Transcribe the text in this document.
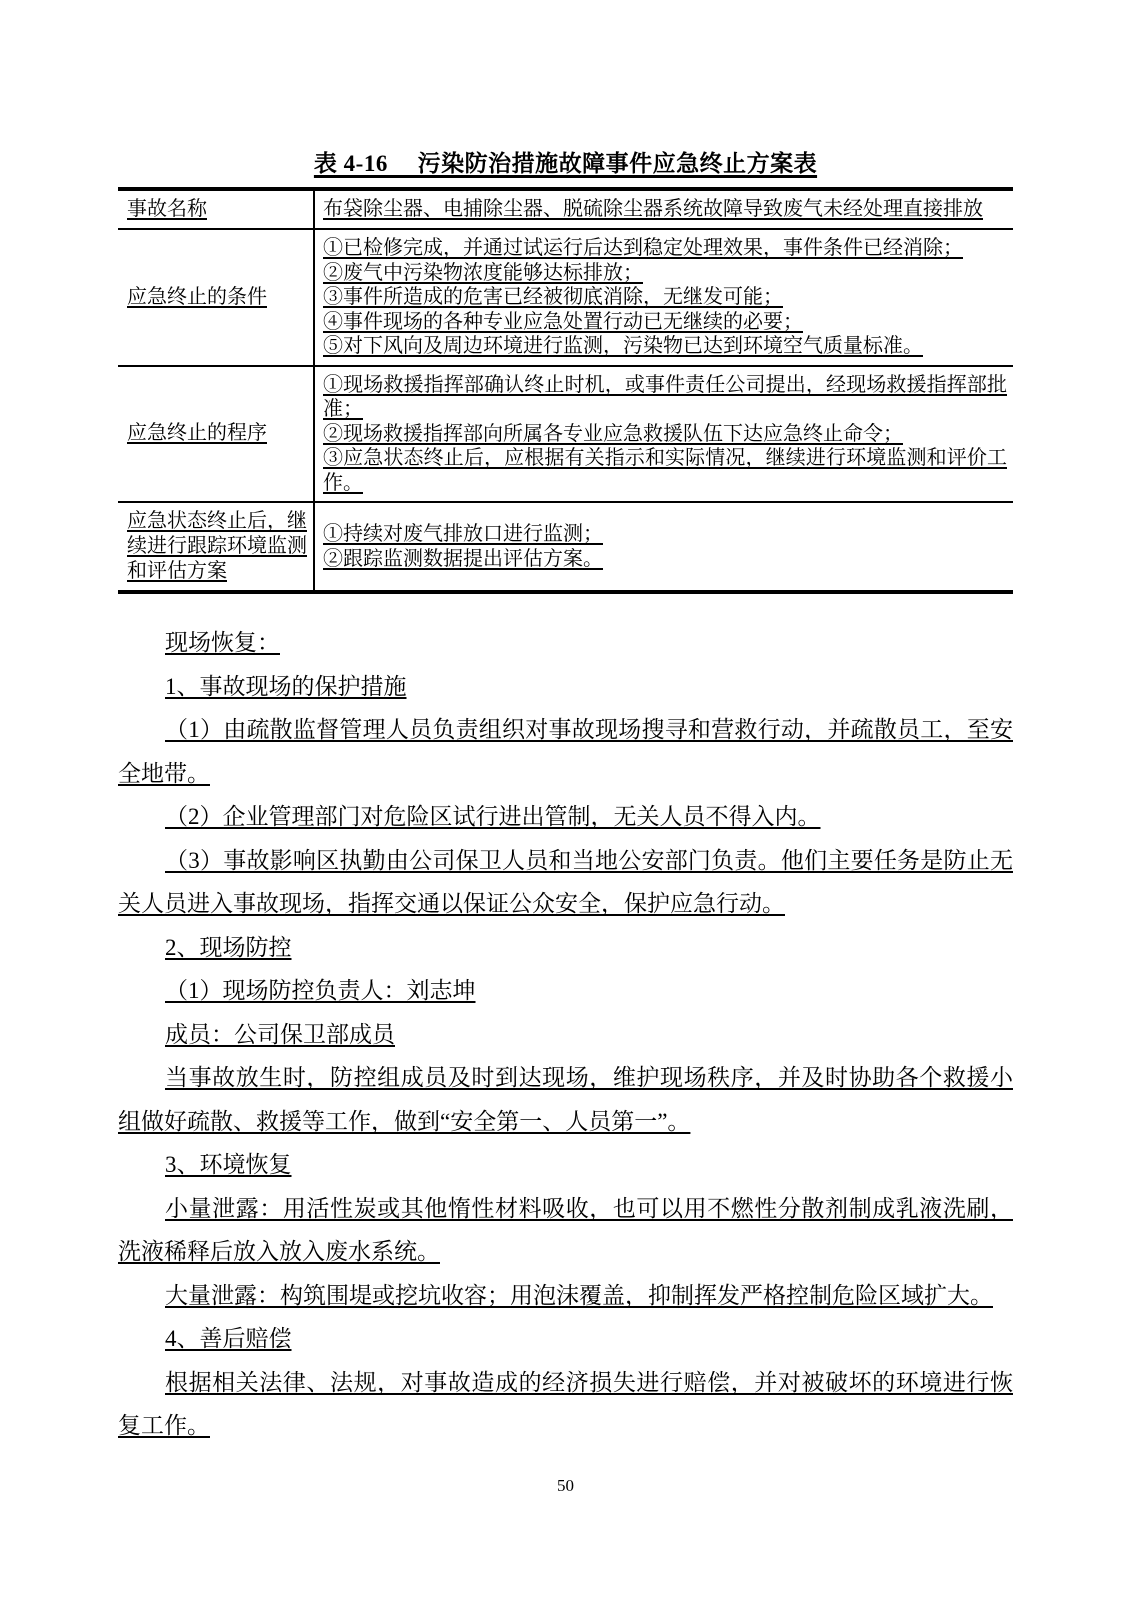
表 4-16　 污染防治措施故障事件应急终止方案表
事故名称	布袋除尘器、电捕除尘器、脱硫除尘器系统故障导致废气未经处理直接排放

应急终止的条件	①已检修完成，并通过试运行后达到稳定处理效果，事件条件已经消除；
②废气中污染物浓度能够达标排放；
③事件所造成的危害已经被彻底消除，无继发可能；
④事件现场的各种专业应急处置行动已无继续的必要；
⑤对下风向及周边环境进行监测，污染物已达到环境空气质量标准。

应急终止的程序	①现场救援指挥部确认终止时机，或事件责任公司提出，经现场救援指挥部批准；
②现场救援指挥部向所属各专业应急救援队伍下达应急终止命令；
③应急状态终止后，应根据有关指示和实际情况，继续进行环境监测和评价工作。

应急状态终止后，继续进行跟踪环境监测和评估方案	①持续对废气排放口进行监测；
②跟踪监测数据提出评估方案。

现场恢复：

1、事故现场的保护措施

（1）由疏散监督管理人员负责组织对事故现场搜寻和营救行动，并疏散员工，至安全地带。

（2）企业管理部门对危险区试行进出管制，无关人员不得入内。

（3）事故影响区执勤由公司保卫人员和当地公安部门负责。他们主要任务是防止无关人员进入事故现场，指挥交通以保证公众安全，保护应急行动。

2、现场防控

（1）现场防控负责人：刘志坤

成员：公司保卫部成员

当事故放生时，防控组成员及时到达现场，维护现场秩序，并及时协助各个救援小组做好疏散、救援等工作，做到“安全第一、人员第一”。

3、环境恢复

小量泄露：用活性炭或其他惰性材料吸收，也可以用不燃性分散剂制成乳液洗刷，洗液稀释后放入放入废水系统。

大量泄露：构筑围堤或挖坑收容；用泡沫覆盖，抑制挥发严格控制危险区域扩大。

4、善后赔偿

根据相关法律、法规，对事故造成的经济损失进行赔偿，并对被破坏的环境进行恢复工作。

50
